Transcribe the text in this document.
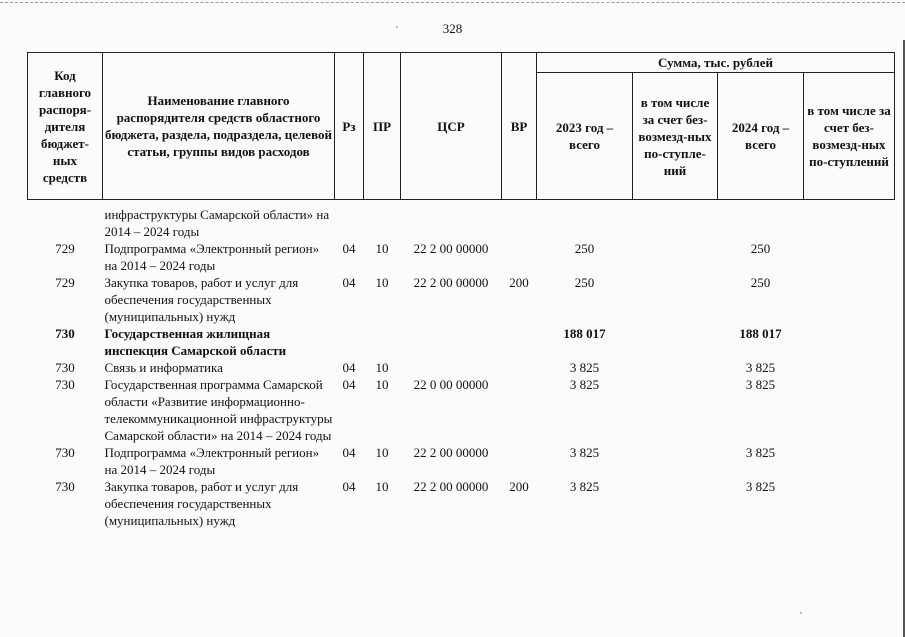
328
Код главного распоря-дителя бюджет-ных средств	Наименование главного распорядителя средств областного бюджета, раздела, подраздела, целевой статьи, группы видов расходов	Рз	ПР	ЦСР	ВР	Сумма, тыс. рублей			
						2023 год – всего	в том числе за счет без-возмезд-ных по-ступле-ний	2024 год – всего	в том числе за счет без-возмезд-ных по-ступлений

	инфраструктуры Самарской области» на 2014 – 2024 годы								
729	Подпрограмма «Электронный регион» на 2014 – 2024 годы	04	10	22 2 00 00000		250		250	
729	Закупка товаров, работ и услуг для обеспечения государственных (муниципальных) нужд	04	10	22 2 00 00000	200	250		250	
730	Государственная жилищная инспекция Самарской области					188 017		188 017	
730	Связь и информатика	04	10			3 825		3 825	
730	Государственная программа Самарской области «Развитие информационно-телекоммуникационной инфраструктуры Самарской области» на 2014 – 2024 годы	04	10	22 0 00 00000		3 825		3 825	
730	Подпрограмма «Электронный регион» на 2014 – 2024 годы	04	10	22 2 00 00000		3 825		3 825	
730	Закупка товаров, работ и услуг для обеспечения государственных (муниципальных) нужд	04	10	22 2 00 00000	200	3 825		3 825	
